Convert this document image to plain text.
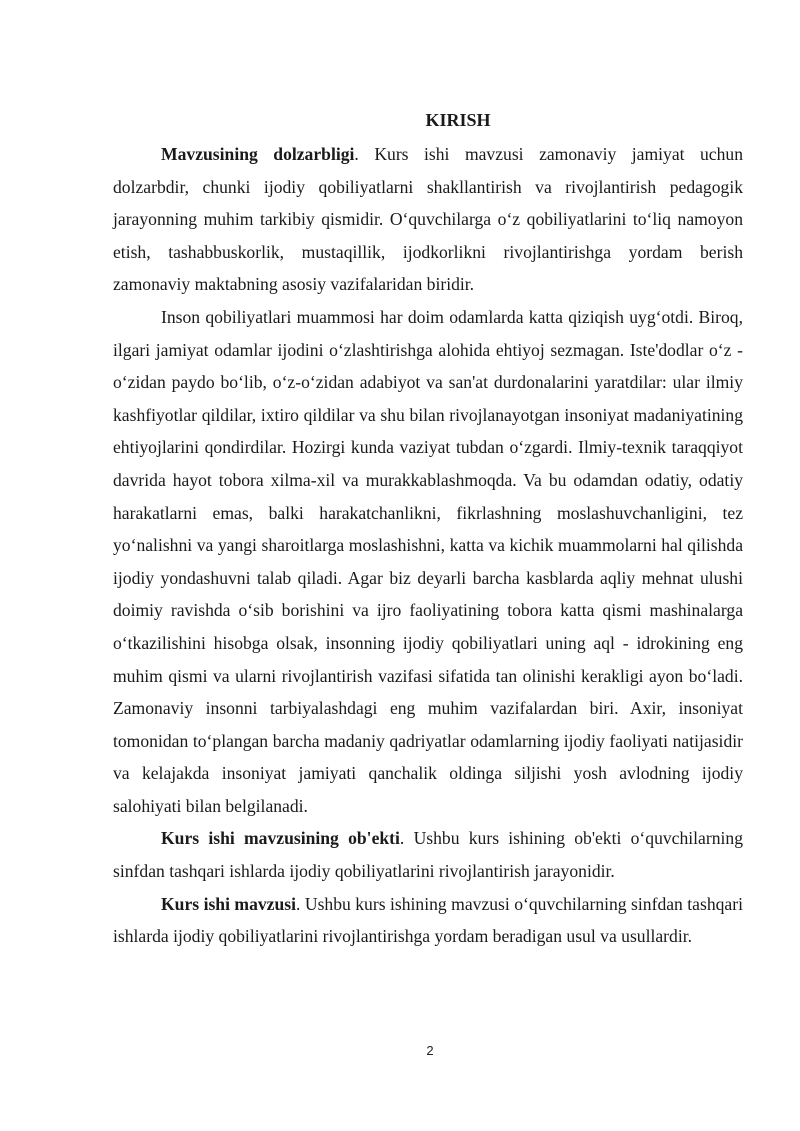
KIRISH

Mavzusining dolzarbligi. Kurs ishi mavzusi zamonaviy jamiyat uchun dolzarbdir, chunki ijodiy qobiliyatlarni shakllantirish va rivojlantirish pedagogik jarayonning muhim tarkibiy qismidir. O‘quvchilarga o‘z qobiliyatlarini to‘liq namoyon etish, tashabbuskorlik, mustaqillik, ijodkorlikni rivojlantirishga yordam berish zamonaviy maktabning asosiy vazifalaridan biridir.

Inson qobiliyatlari muammosi har doim odamlarda katta qiziqish uyg‘otdi. Biroq, ilgari jamiyat odamlar ijodini o‘zlashtirishga alohida ehtiyoj sezmagan. Iste'dodlar o‘z - o‘zidan paydo bo‘lib, o‘z-o‘zidan adabiyot va san'at durdonalarini yaratdilar: ular ilmiy kashfiyotlar qildilar, ixtiro qildilar va shu bilan rivojlanayotgan insoniyat madaniyatining ehtiyojlarini qondirdilar. Hozirgi kunda vaziyat tubdan o‘zgardi. Ilmiy-texnik taraqqiyot davrida hayot tobora xilma-xil va murakkablashmoqda. Va bu odamdan odatiy, odatiy harakatlarni emas, balki harakatchanlikni, fikrlashning moslashuvchanligini, tez yo‘nalishni va yangi sharoitlarga moslashishni, katta va kichik muammolarni hal qilishda ijodiy yondashuvni talab qiladi. Agar biz deyarli barcha kasblarda aqliy mehnat ulushi doimiy ravishda o‘sib borishini va ijro faoliyatining tobora katta qismi mashinalarga o‘tkazilishini hisobga olsak, insonning ijodiy qobiliyatlari uning aql - idrokining eng muhim qismi va ularni rivojlantirish vazifasi sifatida tan olinishi kerakligi ayon bo‘ladi. Zamonaviy insonni tarbiyalashdagi eng muhim vazifalardan biri. Axir, insoniyat tomonidan to‘plangan barcha madaniy qadriyatlar odamlarning ijodiy faoliyati natijasidir va kelajakda insoniyat jamiyati qanchalik oldinga siljishi yosh avlodning ijodiy salohiyati bilan belgilanadi.

Kurs ishi mavzusining ob'ekti. Ushbu kurs ishining ob'ekti o‘quvchilarning sinfdan tashqari ishlarda ijodiy qobiliyatlarini rivojlantirish jarayonidir.

Kurs ishi mavzusi. Ushbu kurs ishining mavzusi o‘quvchilarning sinfdan tashqari ishlarda ijodiy qobiliyatlarini rivojlantirishga yordam beradigan usul va usullardir.

2
